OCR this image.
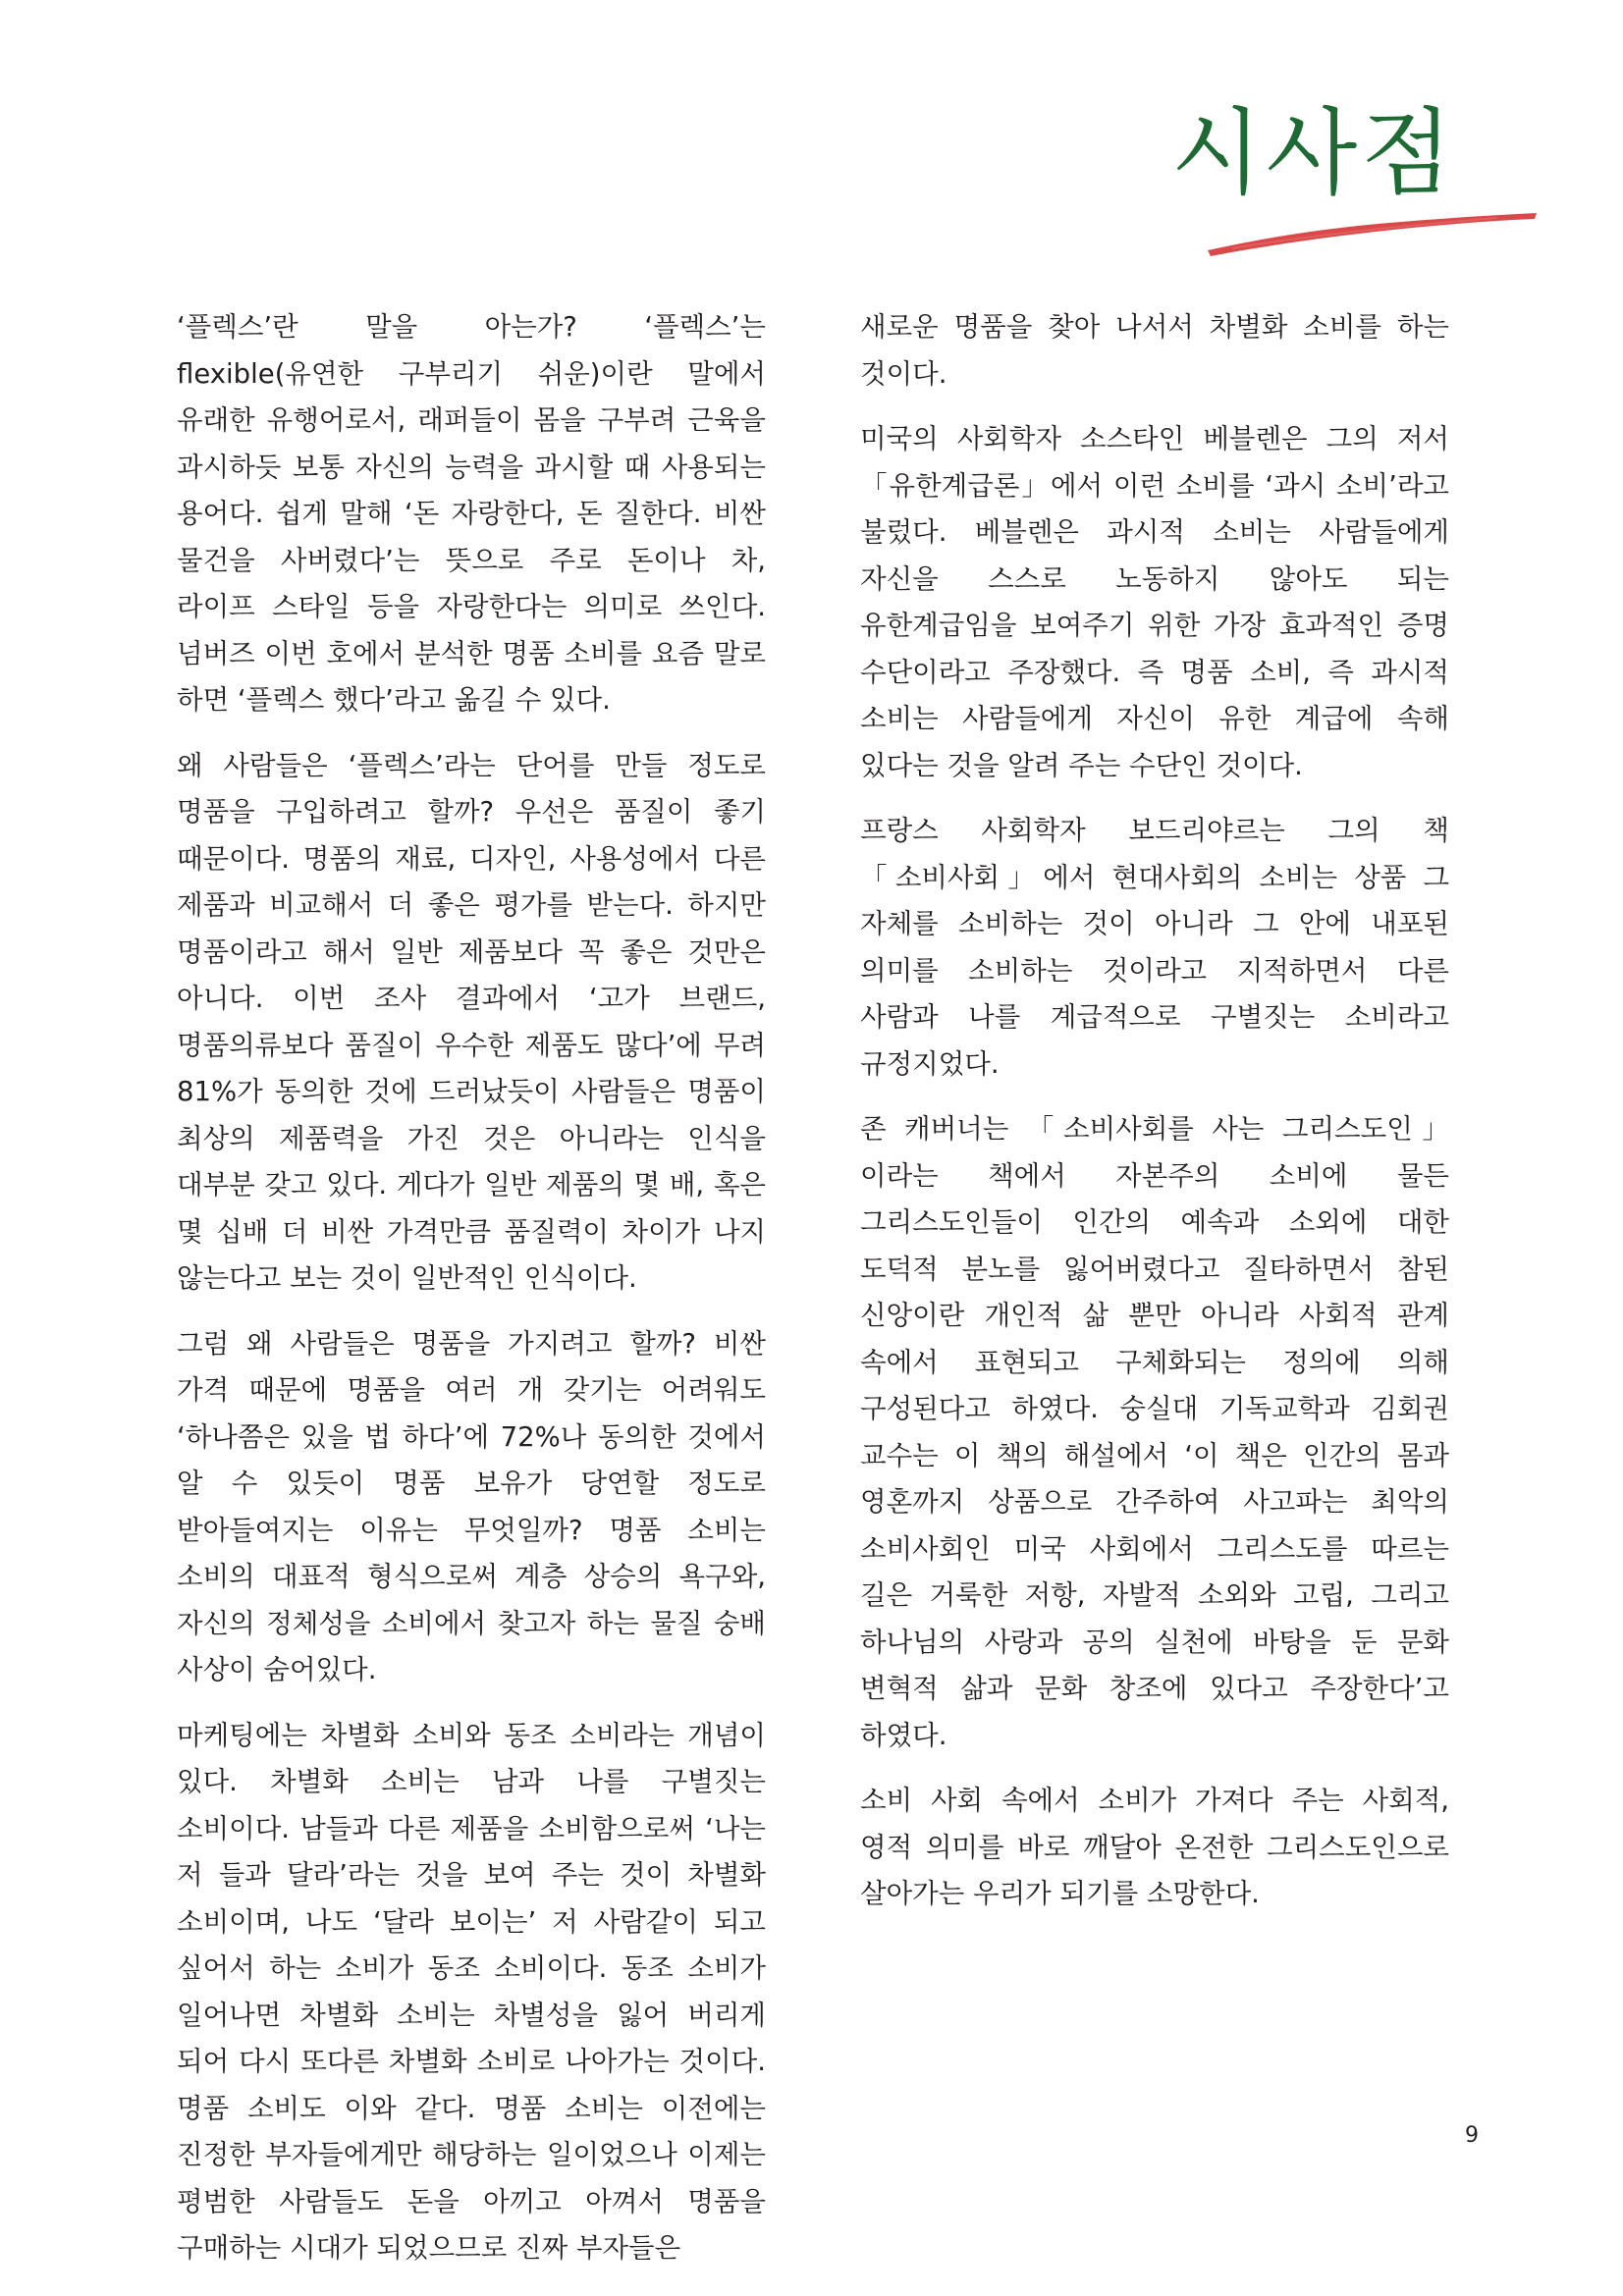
시사점

‘플렉스’란 말을 아는가? ‘플렉스’는 flexible(유연한 구부리기 쉬운)이란 말에서 유래한 유행어로서, 래퍼들이 몸을 구부려 근육을 과시하듯 보통 자신의 능력을 과시할 때 사용되는 용어다. 쉽게 말해 ‘돈 자랑한다, 돈 질한다. 비싼 물건을 사버렸다’는 뜻으로 주로 돈이나 차, 라이프 스타일 등을 자랑한다는 의미로 쓰인다. 넘버즈 이번 호에서 분석한 명품 소비를 요즘 말로 하면 ‘플렉스 했다’라고 옮길 수 있다.

왜 사람들은 ‘플렉스’라는 단어를 만들 정도로 명품을 구입하려고 할까? 우선은 품질이 좋기 때문이다. 명품의 재료, 디자인, 사용성에서 다른 제품과 비교해서 더 좋은 평가를 받는다. 하지만 명품이라고 해서 일반 제품보다 꼭 좋은 것만은 아니다. 이번 조사 결과에서 ‘고가 브랜드, 명품의류보다 품질이 우수한 제품도 많다’에 무려 81%가 동의한 것에 드러났듯이 사람들은 명품이 최상의 제품력을 가진 것은 아니라는 인식을 대부분 갖고 있다. 게다가 일반 제품의 몇 배, 혹은 몇 십배 더 비싼 가격만큼 품질력이 차이가 나지 않는다고 보는 것이 일반적인 인식이다.

그럼 왜 사람들은 명품을 가지려고 할까? 비싼 가격 때문에 명품을 여러 개 갖기는 어려워도 ‘하나쯤은 있을 법 하다’에 72%나 동의한 것에서 알 수 있듯이 명품 보유가 당연할 정도로 받아들여지는 이유는 무엇일까? 명품 소비는 소비의 대표적 형식으로써 계층 상승의 욕구와, 자신의 정체성을 소비에서 찾고자 하는 물질 숭배 사상이 숨어있다.

마케팅에는 차별화 소비와 동조 소비라는 개념이 있다. 차별화 소비는 남과 나를 구별짓는 소비이다. 남들과 다른 제품을 소비함으로써 ‘나는 저 들과 달라’라는 것을 보여 주는 것이 차별화 소비이며, 나도 ‘달라 보이는’ 저 사람같이 되고 싶어서 하는 소비가 동조 소비이다. 동조 소비가 일어나면 차별화 소비는 차별성을 잃어 버리게 되어 다시 또다른 차별화 소비로 나아가는 것이다. 명품 소비도 이와 같다. 명품 소비는 이전에는 진정한 부자들에게만 해당하는 일이었으나 이제는 평범한 사람들도 돈을 아끼고 아껴서 명품을 구매하는 시대가 되었으므로 진짜 부자들은

새로운 명품을 찾아 나서서 차별화 소비를 하는 것이다.

미국의 사회학자 소스타인 베블렌은 그의 저서 「유한계급론」에서 이런 소비를 ‘과시 소비’라고 불렀다. 베블렌은 과시적 소비는 사람들에게 자신을 스스로 노동하지 않아도 되는 유한계급임을 보여주기 위한 가장 효과적인 증명 수단이라고 주장했다. 즉 명품 소비, 즉 과시적 소비는 사람들에게 자신이 유한 계급에 속해 있다는 것을 알려 주는 수단인 것이다.

프랑스 사회학자 보드리야르는 그의 책 「소비사회」에서 현대사회의 소비는 상품 그 자체를 소비하는 것이 아니라 그 안에 내포된 의미를 소비하는 것이라고 지적하면서 다른 사람과 나를 계급적으로 구별짓는 소비라고 규정지었다.

존 캐버너는 「소비사회를 사는 그리스도인」이라는 책에서 자본주의 소비에 물든 그리스도인들이 인간의 예속과 소외에 대한 도덕적 분노를 잃어버렸다고 질타하면서 참된 신앙이란 개인적 삶 뿐만 아니라 사회적 관계 속에서 표현되고 구체화되는 정의에 의해 구성된다고 하였다. 숭실대 기독교학과 김회권 교수는 이 책의 해설에서 ‘이 책은 인간의 몸과 영혼까지 상품으로 간주하여 사고파는 최악의 소비사회인 미국 사회에서 그리스도를 따르는 길은 거룩한 저항, 자발적 소외와 고립, 그리고 하나님의 사랑과 공의 실천에 바탕을 둔 문화 변혁적 삶과 문화 창조에 있다고 주장한다’고 하였다.

소비 사회 속에서 소비가 가져다 주는 사회적, 영적 의미를 바로 깨달아 온전한 그리스도인으로 살아가는 우리가 되기를 소망한다.

9
